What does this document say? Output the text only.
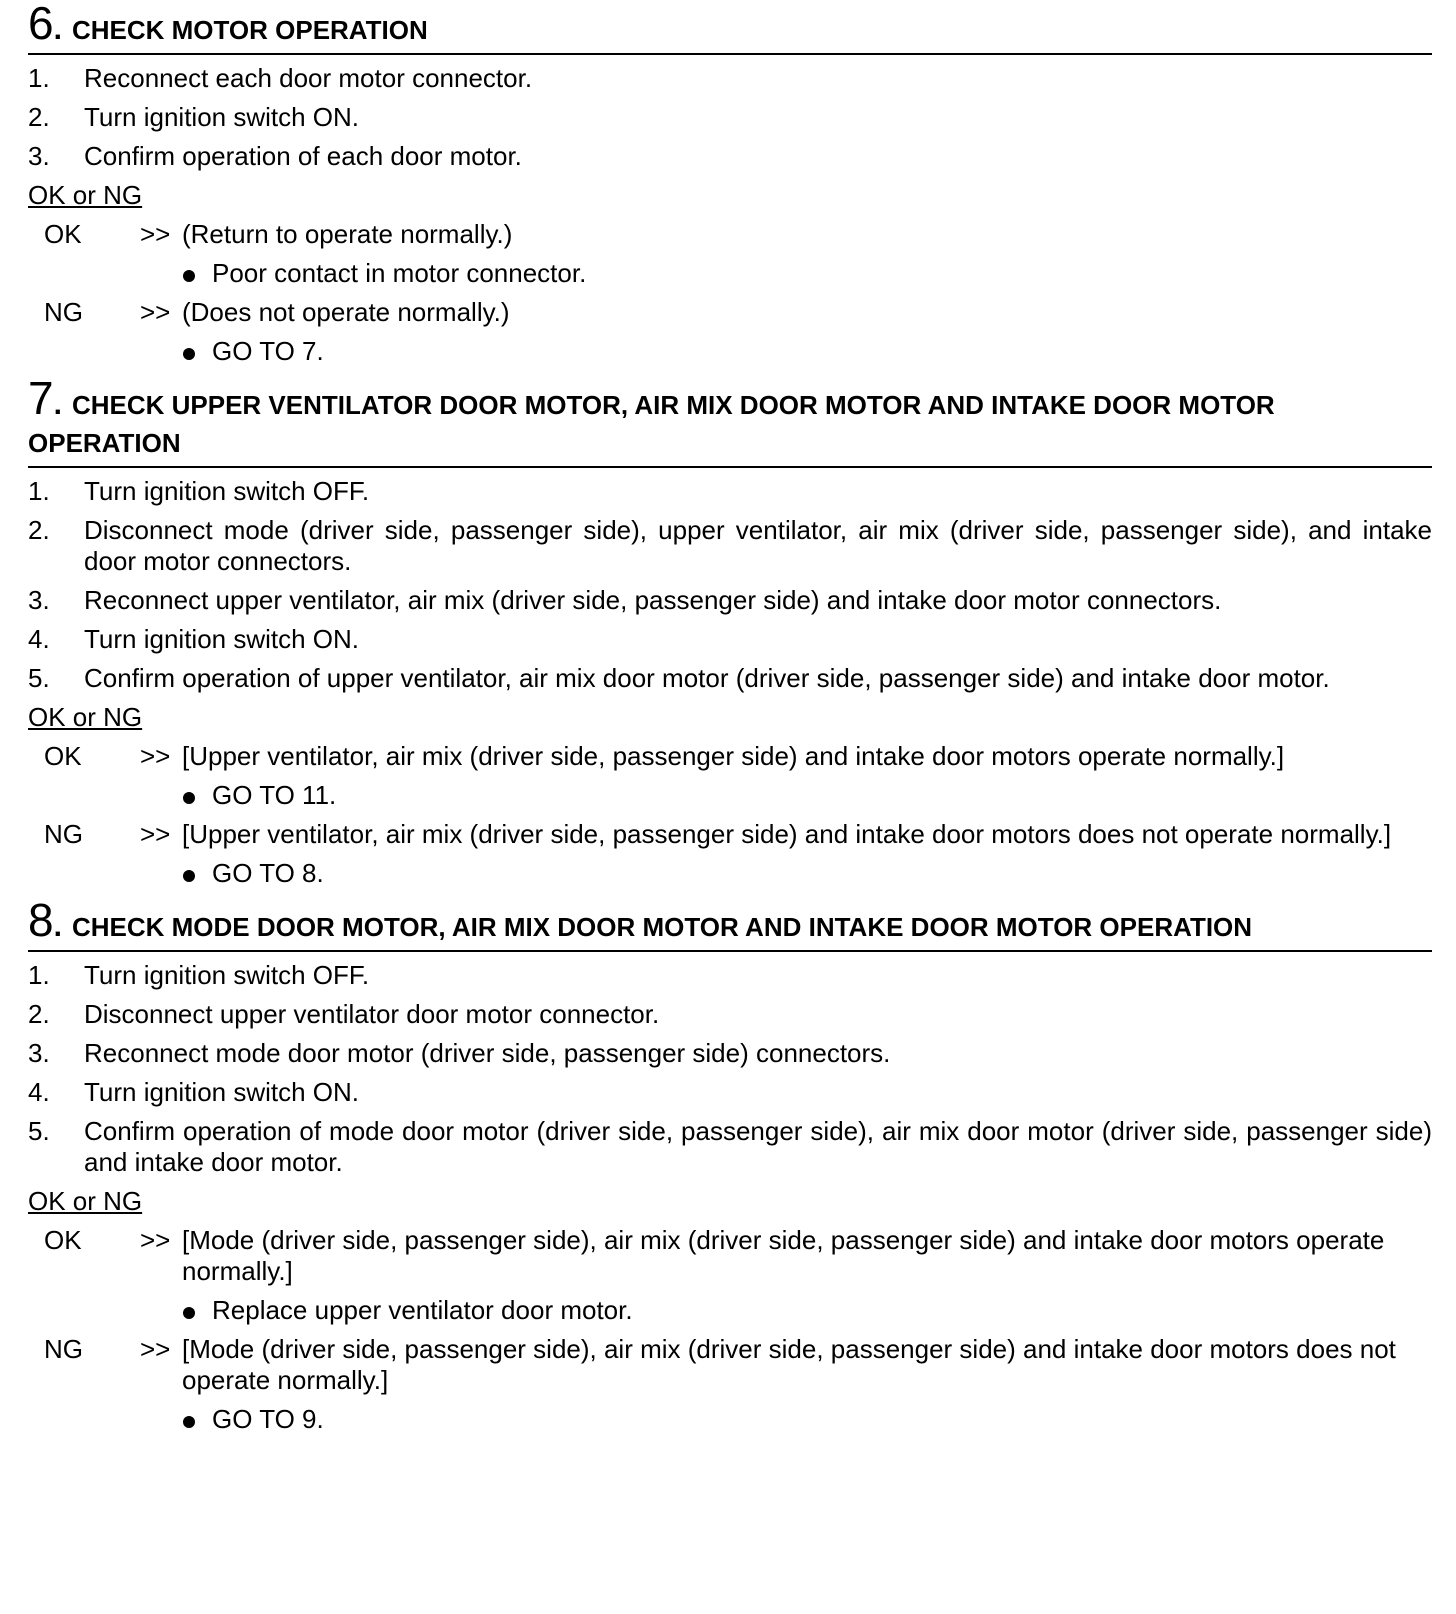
6. CHECK MOTOR OPERATION
1. Reconnect each door motor connector.
2. Turn ignition switch ON.
3. Confirm operation of each door motor.
OK or NG
OK >> (Return to operate normally.)
Poor contact in motor connector.
NG >> (Does not operate normally.)
GO TO 7.
7. CHECK UPPER VENTILATOR DOOR MOTOR, AIR MIX DOOR MOTOR AND INTAKE DOOR MOTOR OPERATION
1. Turn ignition switch OFF.
2. Disconnect mode (driver side, passenger side), upper ventilator, air mix (driver side, passenger side), and intake door motor connectors.
3. Reconnect upper ventilator, air mix (driver side, passenger side) and intake door motor connectors.
4. Turn ignition switch ON.
5. Confirm operation of upper ventilator, air mix door motor (driver side, passenger side) and intake door motor.
OK or NG
OK >> [Upper ventilator, air mix (driver side, passenger side) and intake door motors operate normally.]
GO TO 11.
NG >> [Upper ventilator, air mix (driver side, passenger side) and intake door motors does not operate normally.]
GO TO 8.
8. CHECK MODE DOOR MOTOR, AIR MIX DOOR MOTOR AND INTAKE DOOR MOTOR OPERATION
1. Turn ignition switch OFF.
2. Disconnect upper ventilator door motor connector.
3. Reconnect mode door motor (driver side, passenger side) connectors.
4. Turn ignition switch ON.
5. Confirm operation of mode door motor (driver side, passenger side), air mix door motor (driver side, passenger side) and intake door motor.
OK or NG
OK >> [Mode (driver side, passenger side), air mix (driver side, passenger side) and intake door motors operate normally.]
Replace upper ventilator door motor.
NG >> [Mode (driver side, passenger side), air mix (driver side, passenger side) and intake door motors does not operate normally.]
GO TO 9.
